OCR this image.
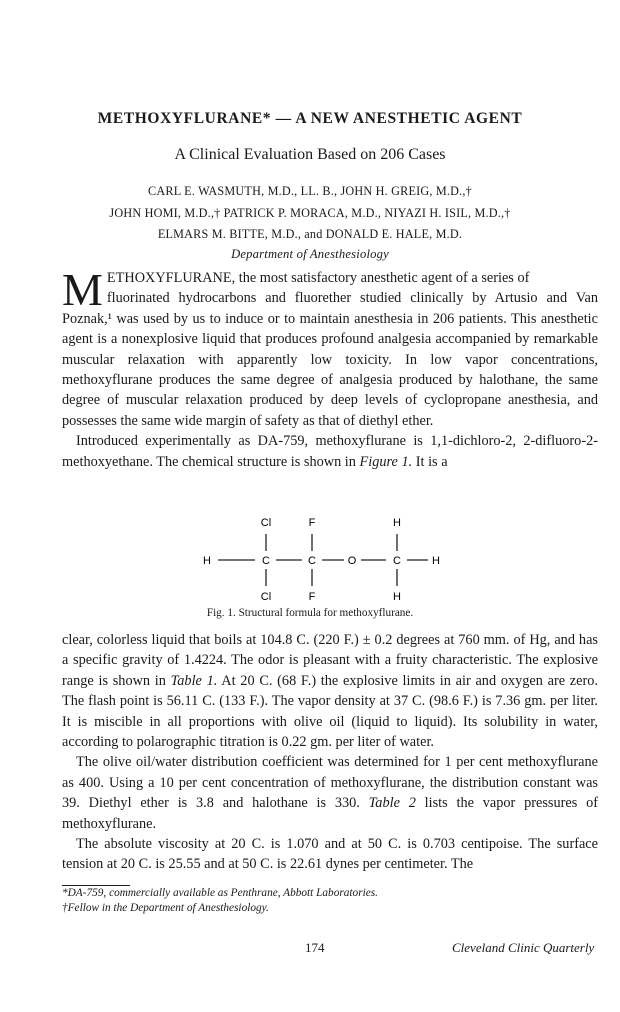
METHOXYFLURANE* — A NEW ANESTHETIC AGENT
A Clinical Evaluation Based on 206 Cases
CARL E. WASMUTH, M.D., LL. B., JOHN H. GREIG, M.D.,†
JOHN HOMI, M.D.,† PATRICK P. MORACA, M.D., NIYAZI H. ISIL, M.D.,†
ELMARS M. BITTE, M.D., and DONALD E. HALE, M.D.
Department of Anesthesiology

METHOXYFLURANE, the most satisfactory anesthetic agent of a series of
fluorinated hydrocarbons and fluorether studied clinically by Artusio and Van Poznak,¹ was used by us to induce or to maintain anesthesia in 206 patients. This anesthetic agent is a nonexplosive liquid that produces profound analgesia accompanied by remarkable muscular relaxation with apparently low toxicity. In low vapor concentrations, methoxyflurane produces the same degree of analgesia produced by halothane, the same degree of muscular relaxation produced by deep levels of cyclopropane anesthesia, and possesses the same wide margin of safety as that of diethyl ether.

Introduced experimentally as DA-759, methoxyflurane is 1,1-dichloro-2, 2-difluoro-2-methoxyethane. The chemical structure is shown in Figure 1. It is a

Cl	F	H
H	C	C	O	C	H
Cl	F	H
Fig. 1. Structural formula for methoxyflurane.

clear, colorless liquid that boils at 104.8 C. (220 F.) ± 0.2 degrees at 760 mm. of Hg, and has a specific gravity of 1.4224. The odor is pleasant with a fruity characteristic. The explosive range is shown in Table 1. At 20 C. (68 F.) the explosive limits in air and oxygen are zero. The flash point is 56.11 C. (133 F.). The vapor density at 37 C. (98.6 F.) is 7.36 gm. per liter. It is miscible in all proportions with olive oil (liquid to liquid). Its solubility in water, according to polarographic titration is 0.22 gm. per liter of water.

The olive oil/water distribution coefficient was determined for 1 per cent methoxyflurane as 400. Using a 10 per cent concentration of methoxyflurane, the distribution constant was 39. Diethyl ether is 3.8 and halothane is 330. Table 2 lists the vapor pressures of methoxyflurane.

The absolute viscosity at 20 C. is 1.070 and at 50 C. is 0.703 centipoise. The surface tension at 20 C. is 25.55 and at 50 C. is 22.61 dynes per centimeter. The

*DA-759, commercially available as Penthrane, Abbott Laboratories.
†Fellow in the Department of Anesthesiology.
174	Cleveland Clinic Quarterly
